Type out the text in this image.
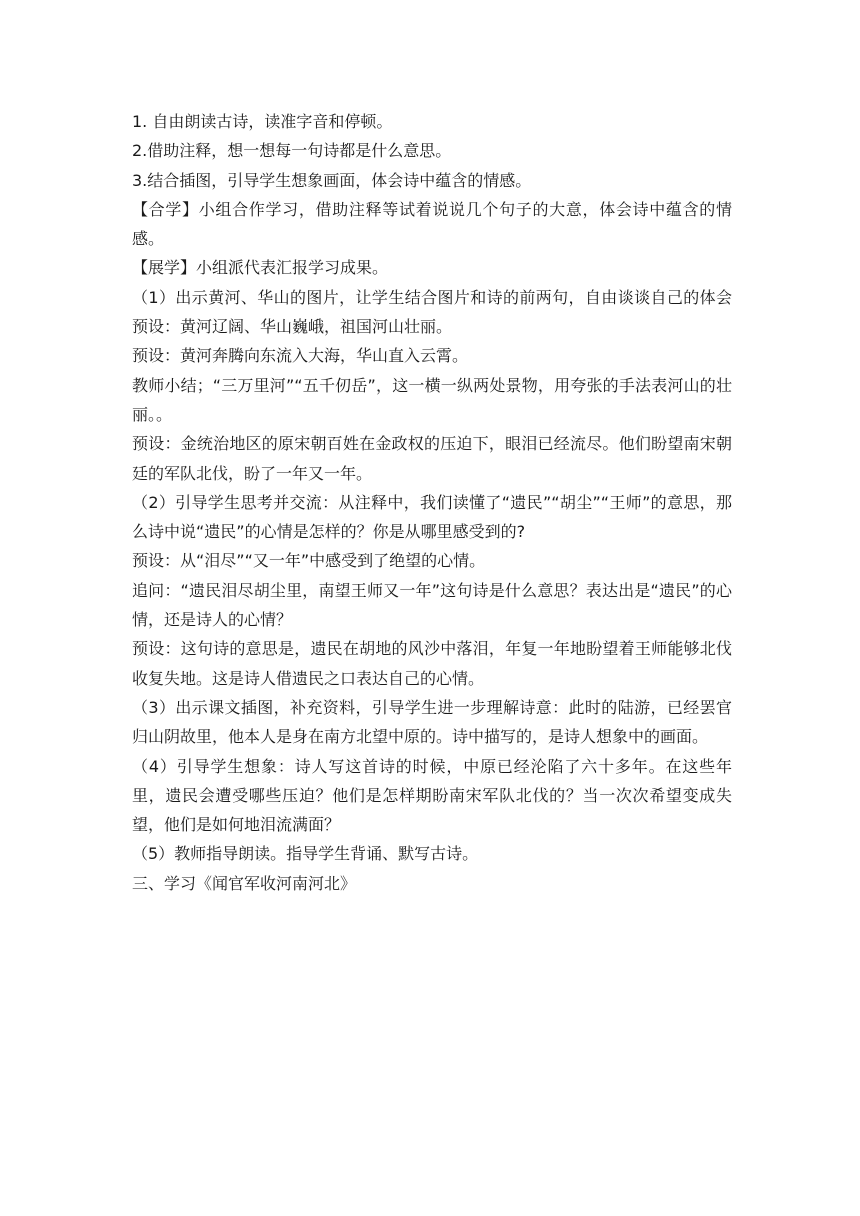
1. 自由朗读古诗，读准字音和停顿。

2.借助注释，想一想每一句诗都是什么意思。

3.结合插图，引导学生想象画面，体会诗中蕴含的情感。

【合学】小组合作学习，借助注释等试着说说几个句子的大意，体会诗中蕴含的情感。

【展学】小组派代表汇报学习成果。

（1）出示黄河、华山的图片，让学生结合图片和诗的前两句，自由谈谈自己的体会预设：黄河辽阔、华山巍峨，祖国河山壮丽。

预设：黄河奔腾向东流入大海，华山直入云霄。

教师小结；“三万里河”“五千仞岳”，这一横一纵两处景物，用夸张的手法表河山的壮丽。。

预设：金统治地区的原宋朝百姓在金政权的压迫下，眼泪已经流尽。他们盼望南宋朝廷的军队北伐，盼了一年又一年。

（2）引导学生思考并交流：从注释中，我们读懂了“遗民”“胡尘”“王师”的意思，那么诗中说“遗民”的心情是怎样的？你是从哪里感受到的?

预设：从“泪尽”“又一年”中感受到了绝望的心情。

追问：“遗民泪尽胡尘里，南望王师又一年”这句诗是什么意思？表达出是“遗民”的心情，还是诗人的心情？

预设：这句诗的意思是，遗民在胡地的风沙中落泪，年复一年地盼望着王师能够北伐收复失地。这是诗人借遗民之口表达自己的心情。

（3）出示课文插图，补充资料，引导学生进一步理解诗意：此时的陆游，已经罢官归山阴故里，他本人是身在南方北望中原的。诗中描写的，是诗人想象中的画面。

（4）引导学生想象：诗人写这首诗的时候，中原已经沦陷了六十多年。在这些年里，遗民会遭受哪些压迫？他们是怎样期盼南宋军队北伐的？当一次次希望变成失望，他们是如何地泪流满面？

（5）教师指导朗读。指导学生背诵、默写古诗。

三、学习《闻官军收河南河北》
